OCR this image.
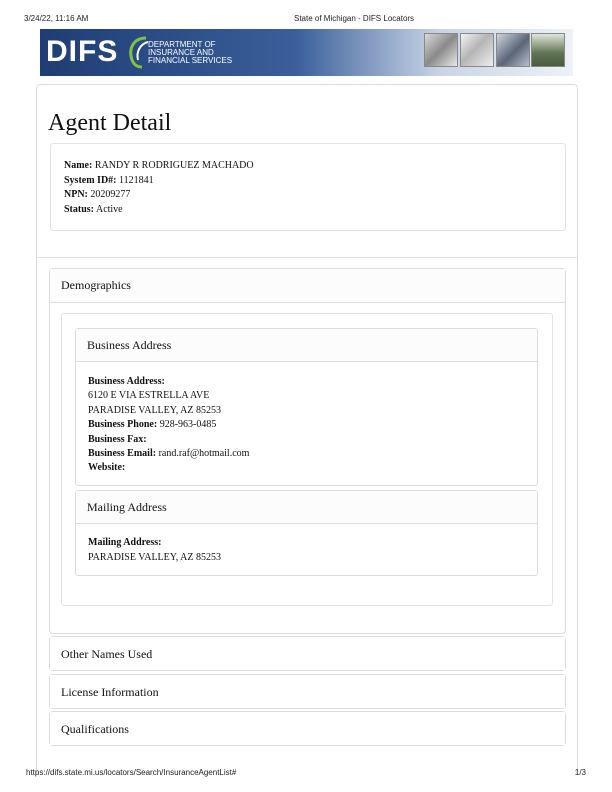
3/24/22, 11:16 AM	State of Michigan - DIFS Locators
DIFS	DEPARTMENT OF
INSURANCE AND
FINANCIAL SERVICES
Agent Detail
Name: RANDY R RODRIGUEZ MACHADO
System ID#: 1121841
NPN: 20209277
Status: Active
Demographics
Business Address
Business Address:
6120 E VIA ESTRELLA AVE
PARADISE VALLEY, AZ 85253
Business Phone: 928-963-0485
Business Fax:
Business Email: rand.raf@hotmail.com
Website:
Mailing Address
Mailing Address:
PARADISE VALLEY, AZ 85253
Other Names Used
License Information
Qualifications
https://difs.state.mi.us/locators/Search/InsuranceAgentList#	1/3
